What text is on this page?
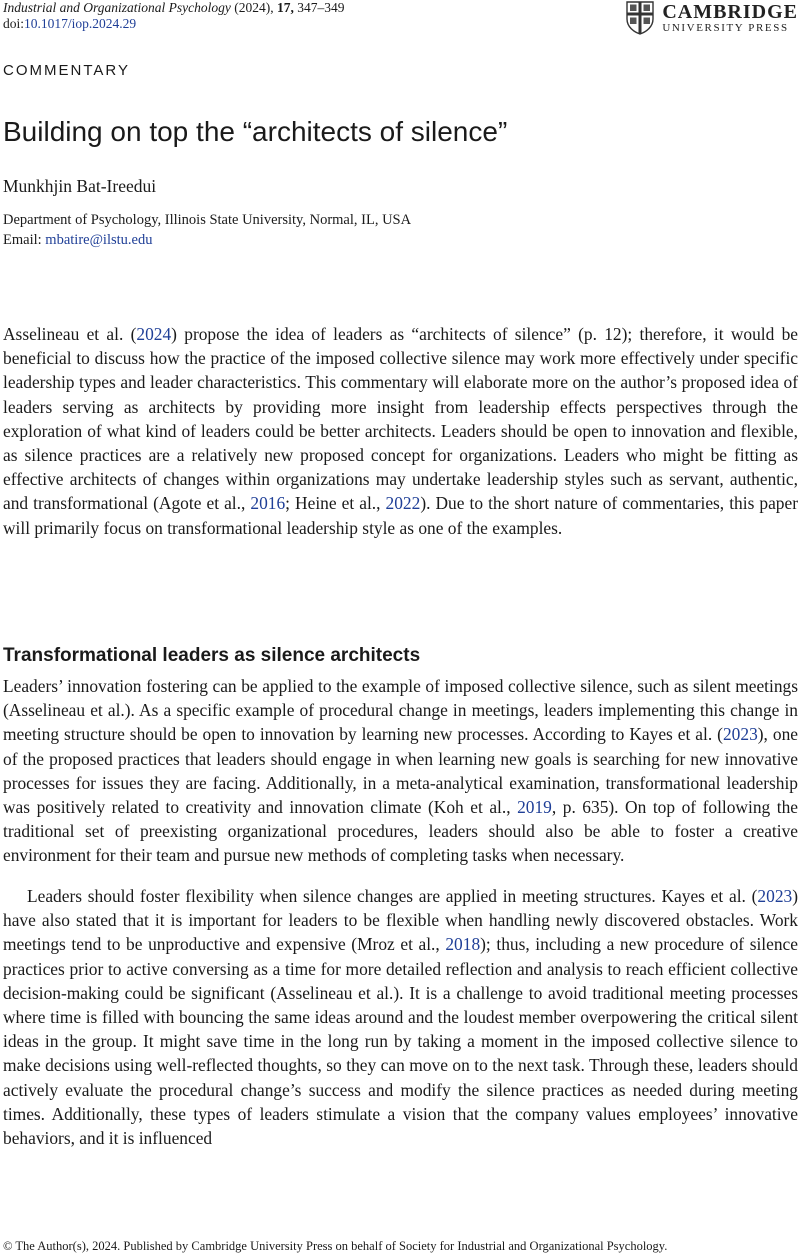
Industrial and Organizational Psychology (2024), 17, 347–349
doi:10.1017/iop.2024.29
CAMBRIDGE
UNIVERSITY PRESS
COMMENTARY
Building on top the “architects of silence”
Munkhjin Bat-Ireedui
Department of Psychology, Illinois State University, Normal, IL, USA
Email: mbatire@ilstu.edu

Asselineau et al. (2024) propose the idea of leaders as “architects of silence” (p. 12); therefore, it would be beneficial to discuss how the practice of the imposed collective silence may work more effectively under specific leadership types and leader characteristics. This commentary will elaborate more on the author’s proposed idea of leaders serving as architects by providing more insight from leadership effects perspectives through the exploration of what kind of leaders could be better architects. Leaders should be open to innovation and flexible, as silence practices are a relatively new proposed concept for organizations. Leaders who might be fitting as effective architects of changes within organizations may undertake leadership styles such as servant, authentic, and transformational (Agote et al., 2016; Heine et al., 2022). Due to the short nature of commentaries, this paper will primarily focus on transformational leadership style as one of the examples.

Transformational leaders as silence architects

Leaders’ innovation fostering can be applied to the example of imposed collective silence, such as silent meetings (Asselineau et al.). As a specific example of procedural change in meetings, leaders implementing this change in meeting structure should be open to innovation by learning new processes. According to Kayes et al. (2023), one of the proposed practices that leaders should engage in when learning new goals is searching for new innovative processes for issues they are facing. Additionally, in a meta-analytical examination, transformational leadership was positively related to creativity and innovation climate (Koh et al., 2019, p. 635). On top of following the traditional set of preexisting organizational procedures, leaders should also be able to foster a creative environment for their team and pursue new methods of completing tasks when necessary.

Leaders should foster flexibility when silence changes are applied in meeting structures. Kayes et al. (2023) have also stated that it is important for leaders to be flexible when handling newly discovered obstacles. Work meetings tend to be unproductive and expensive (Mroz et al., 2018); thus, including a new procedure of silence practices prior to active conversing as a time for more detailed reflection and analysis to reach efficient collective decision-making could be significant (Asselineau et al.). It is a challenge to avoid traditional meeting processes where time is filled with bouncing the same ideas around and the loudest member overpowering the critical silent ideas in the group. It might save time in the long run by taking a moment in the imposed collective silence to make decisions using well-reflected thoughts, so they can move on to the next task. Through these, leaders should actively evaluate the procedural change’s success and modify the silence practices as needed during meeting times. Additionally, these types of leaders stimulate a vision that the company values employees’ innovative behaviors, and it is influenced

© The Author(s), 2024. Published by Cambridge University Press on behalf of Society for Industrial and Organizational Psychology.
